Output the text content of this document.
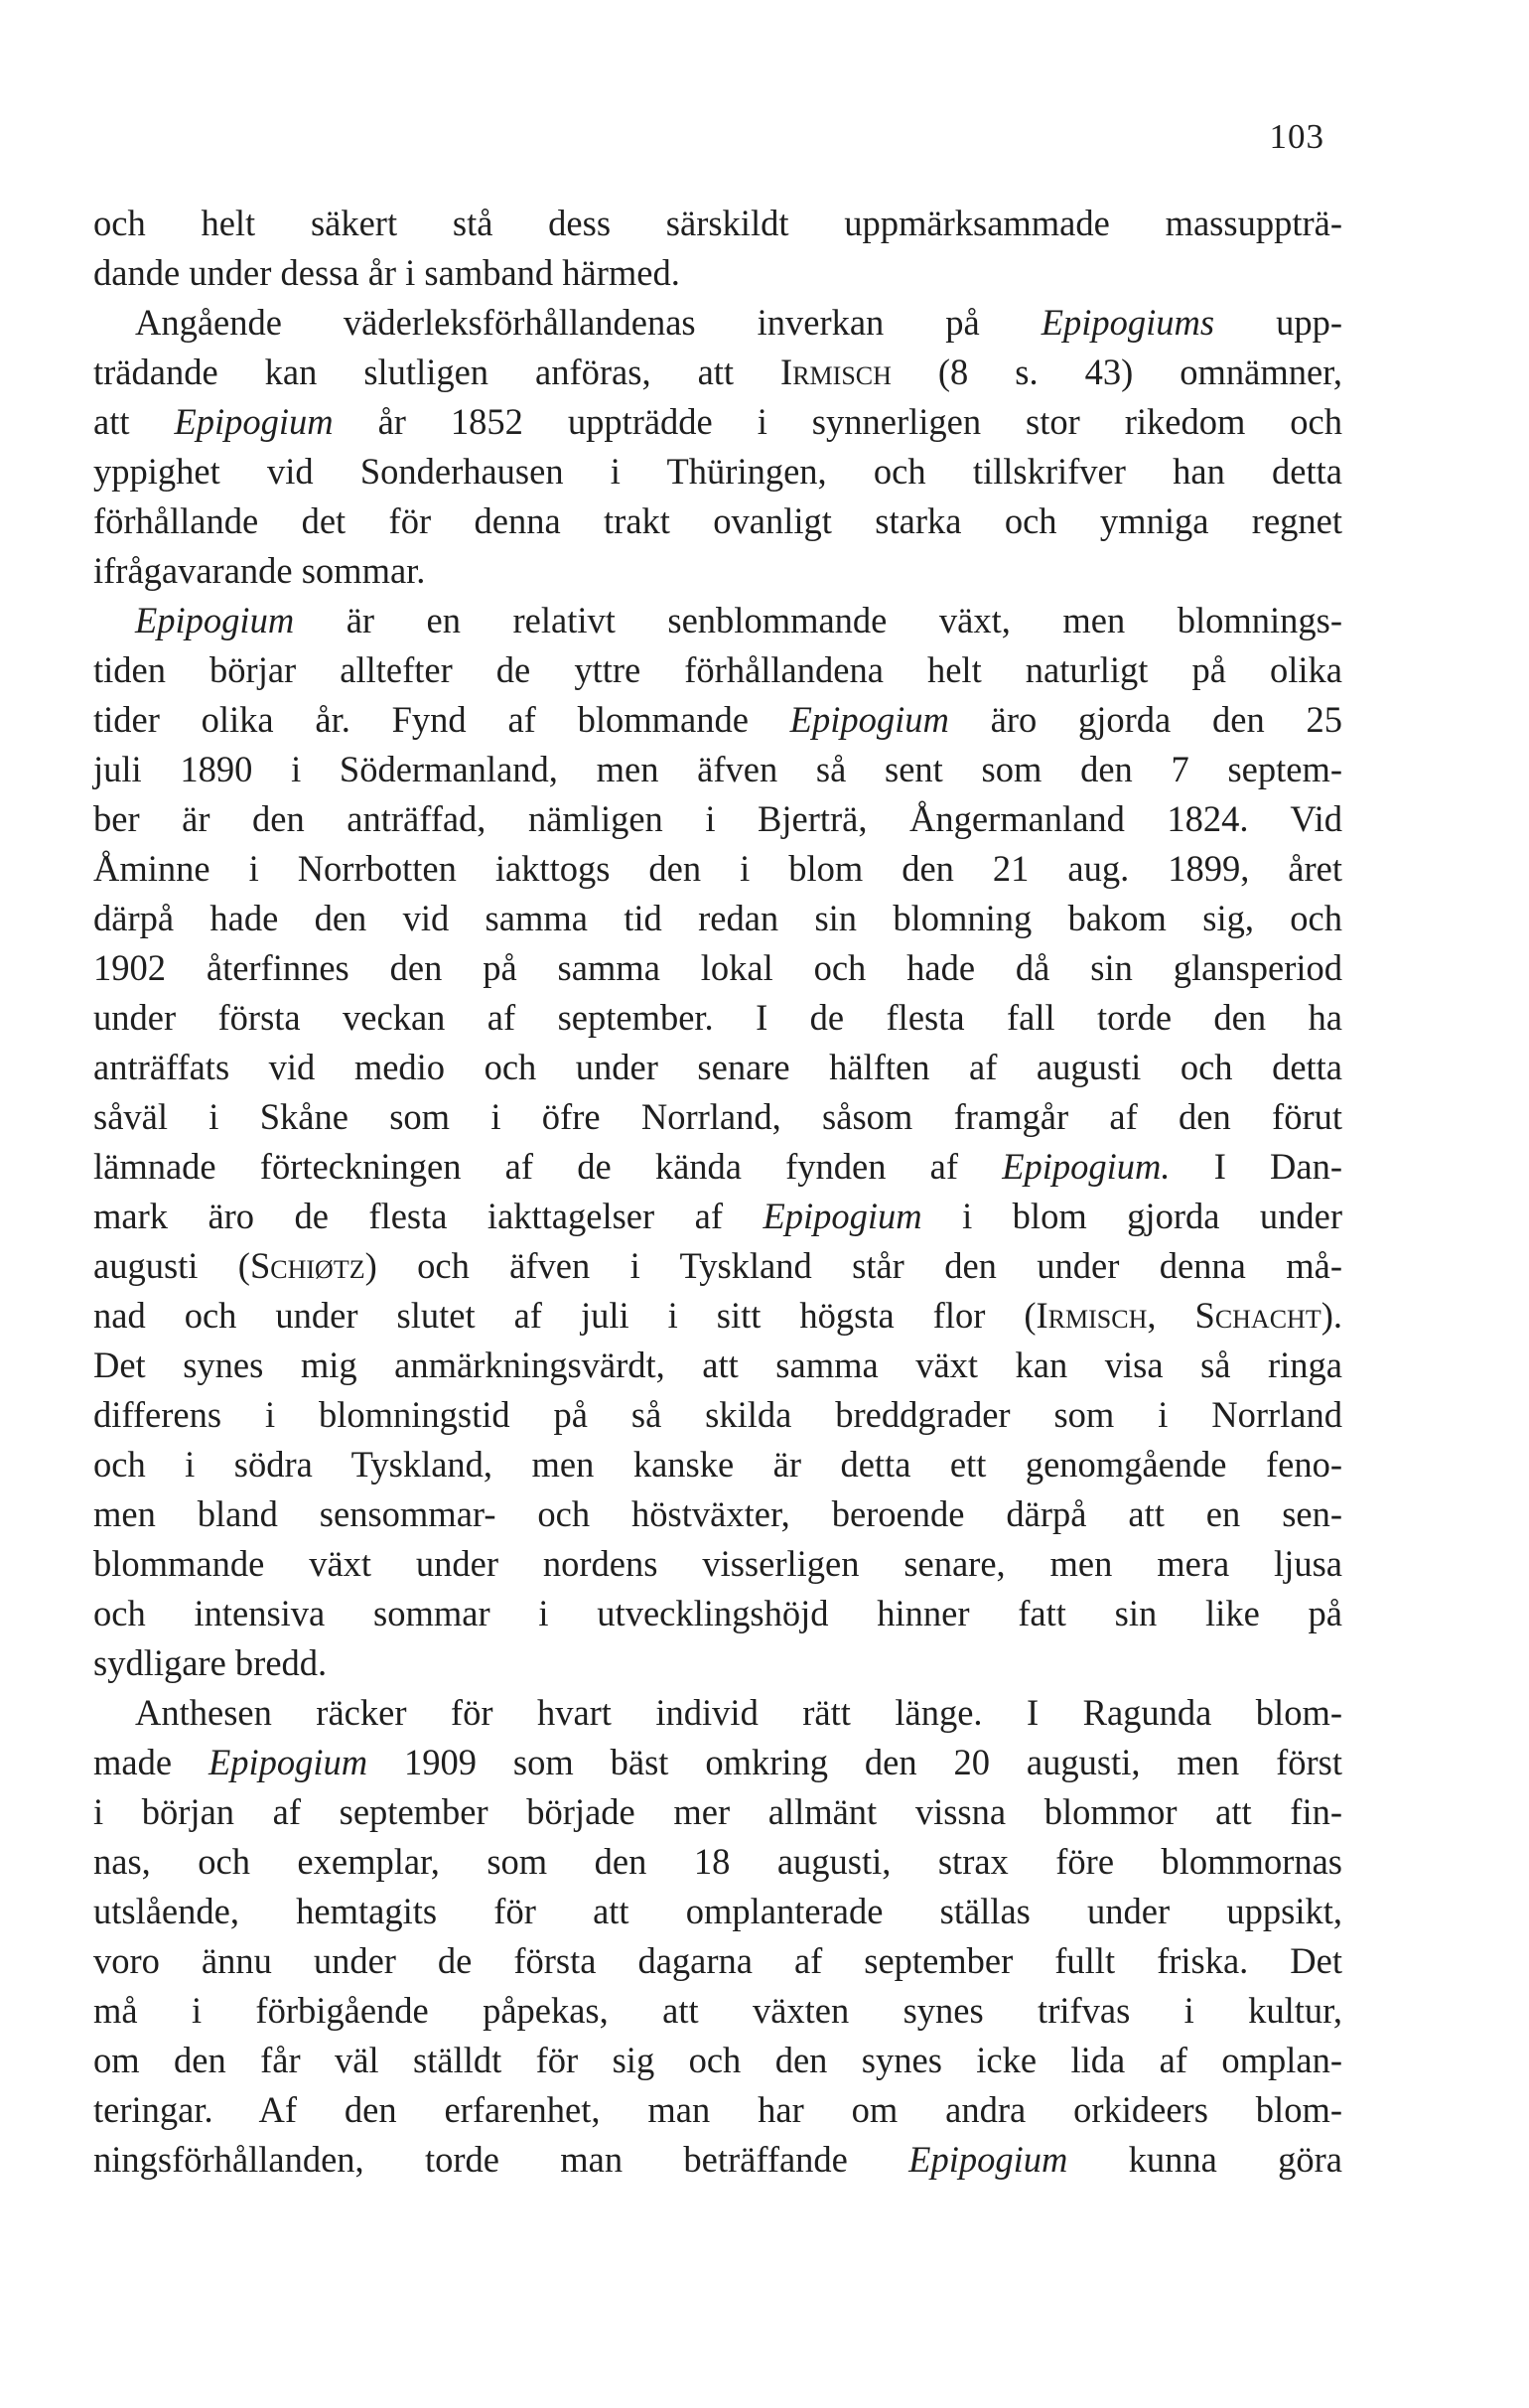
103
och helt säkert stå dess särskildt uppmärksammade massuppträ-
dande under dessa år i samband härmed.
Angående väderleksförhållandenas inverkan på Epipogiums upp-
trädande kan slutligen anföras, att Irmisch (8 s. 43) omnämner,
att Epipogium år 1852 uppträdde i synnerligen stor rikedom och
yppighet vid Sonderhausen i Thüringen, och tillskrifver han detta
förhållande det för denna trakt ovanligt starka och ymniga regnet
ifrågavarande sommar.
Epipogium är en relativt senblommande växt, men blomnings-
tiden börjar alltefter de yttre förhållandena helt naturligt på olika
tider olika år. Fynd af blommande Epipogium äro gjorda den 25
juli 1890 i Södermanland, men äfven så sent som den 7 septem-
ber är den anträffad, nämligen i Bjerträ, Ångermanland 1824. Vid
Åminne i Norrbotten iakttogs den i blom den 21 aug. 1899, året
därpå hade den vid samma tid redan sin blomning bakom sig, och
1902 återfinnes den på samma lokal och hade då sin glansperiod
under första veckan af september. I de flesta fall torde den ha
anträffats vid medio och under senare hälften af augusti och detta
såväl i Skåne som i öfre Norrland, såsom framgår af den förut
lämnade förteckningen af de kända fynden af Epipogium. I Dan-
mark äro de flesta iakttagelser af Epipogium i blom gjorda under
augusti (Schiøtz) och äfven i Tyskland står den under denna må-
nad och under slutet af juli i sitt högsta flor (Irmisch, Schacht).
Det synes mig anmärkningsvärdt, att samma växt kan visa så ringa
differens i blomningstid på så skilda breddgrader som i Norrland
och i södra Tyskland, men kanske är detta ett genomgående feno-
men bland sensommar- och höstväxter, beroende därpå att en sen-
blommande växt under nordens visserligen senare, men mera ljusa
och intensiva sommar i utvecklingshöjd hinner fatt sin like på
sydligare bredd.
Anthesen räcker för hvart individ rätt länge. I Ragunda blom-
made Epipogium 1909 som bäst omkring den 20 augusti, men först
i början af september började mer allmänt vissna blommor att fin-
nas, och exemplar, som den 18 augusti, strax före blommornas
utslående, hemtagits för att omplanterade ställas under uppsikt,
voro ännu under de första dagarna af september fullt friska. Det
må i förbigående påpekas, att växten synes trifvas i kultur,
om den får väl ställdt för sig och den synes icke lida af omplan-
teringar. Af den erfarenhet, man har om andra orkideers blom-
ningsförhållanden, torde man beträffande Epipogium kunna göra
